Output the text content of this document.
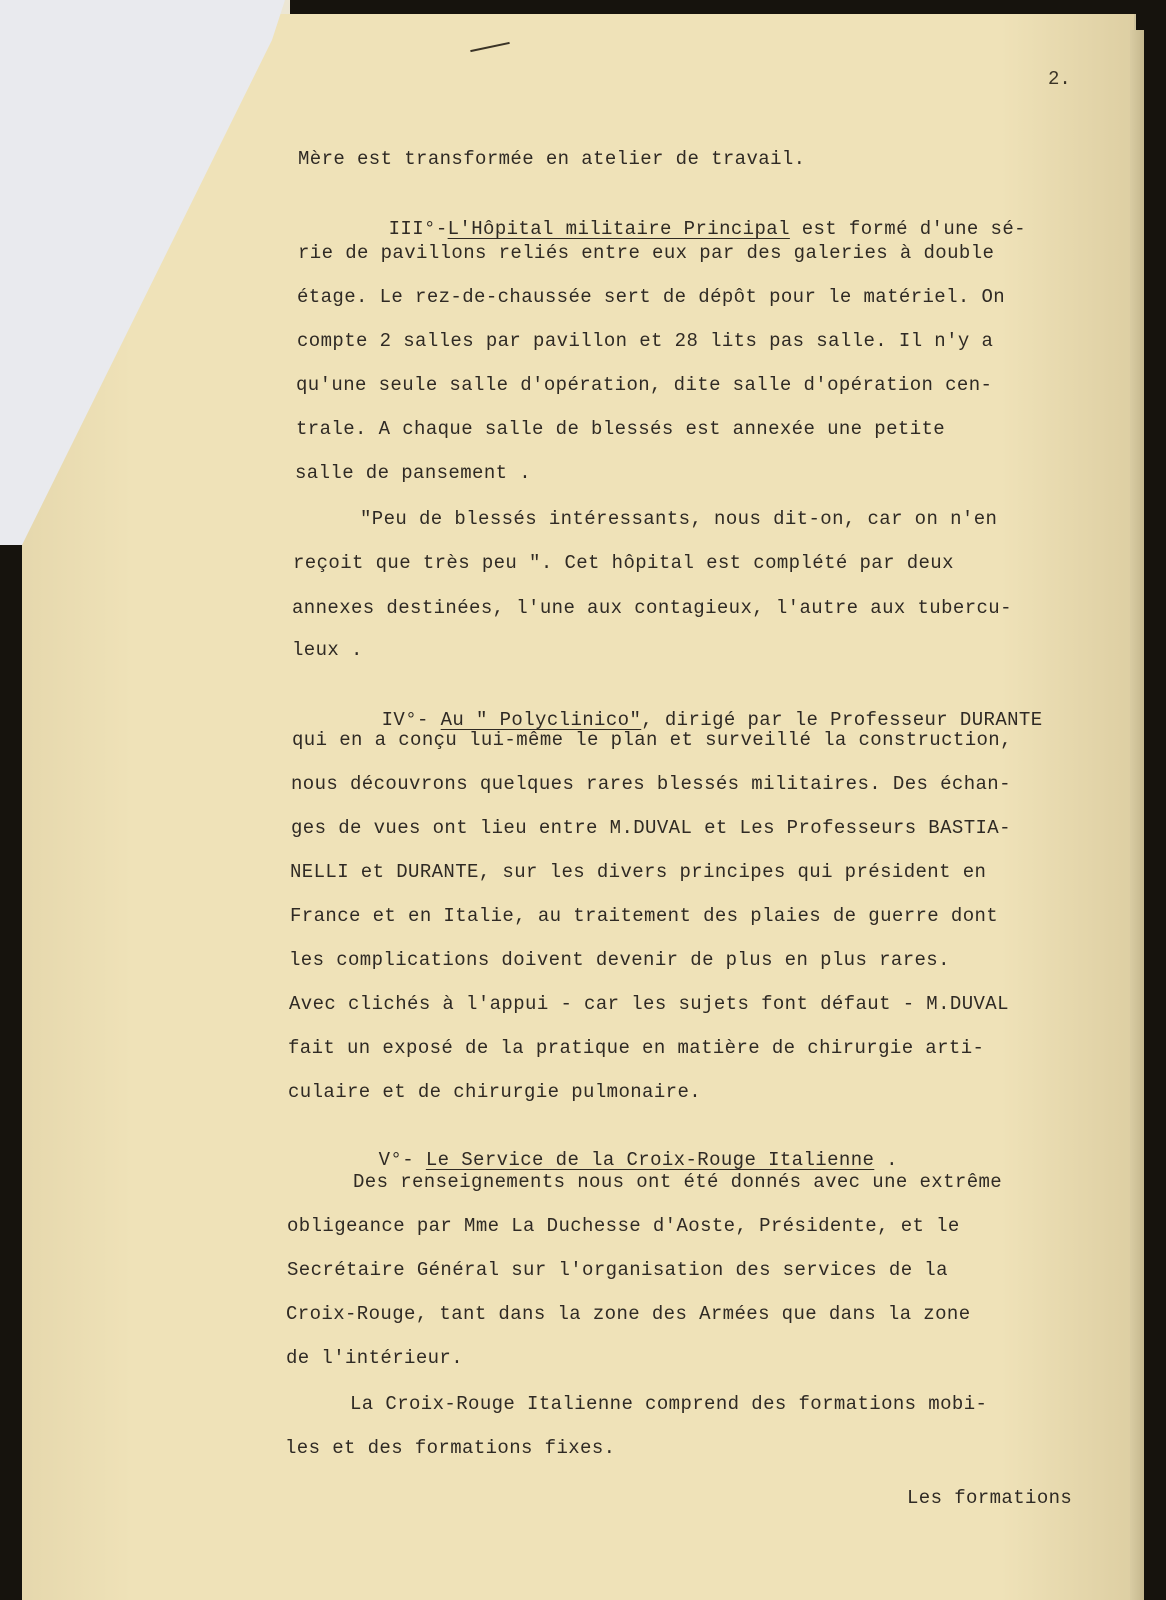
2.
Mère est transformée en atelier de travail.

III°-L'Hôpital militaire Principal est formé d'une sé-

rie de pavillons reliés entre eux par des galeries à double
étage. Le rez-de-chaussée sert de dépôt pour le matériel. On
compte 2 salles par pavillon et 28 lits pas salle. Il n'y a
qu'une seule salle d'opération, dite salle d'opération cen-
trale. A chaque salle de blessés est annexée une petite
salle de pansement .
"Peu de blessés intéressants, nous dit-on, car on n'en
reçoit que très peu ". Cet hôpital est complété par deux
annexes destinées, l'une aux contagieux, l'autre aux tubercu-
leux .

IV°- Au " Polyclinico", dirigé par le Professeur DURANTE

qui en a conçu lui-même le plan et surveillé la construction,
nous découvrons quelques rares blessés militaires. Des échan-
ges de vues ont lieu entre M.DUVAL et Les Professeurs BASTIA-
NELLI et DURANTE, sur les divers principes qui président en
France et en Italie, au traitement des plaies de guerre dont
les complications doivent devenir de plus en plus rares.
Avec clichés à l'appui - car les sujets font défaut - M.DUVAL
fait un exposé de la pratique en matière de chirurgie arti-
culaire et de chirurgie pulmonaire.

V°- Le Service de la Croix-Rouge Italienne .

Des renseignements nous ont été donnés avec une extrême
obligeance par Mme La Duchesse d'Aoste, Présidente, et le
Secrétaire Général sur l'organisation des services de la
Croix-Rouge, tant dans la zone des Armées que dans la zone
de l'intérieur.
La Croix-Rouge Italienne comprend des formations mobi-
les et des formations fixes.
Les formations
